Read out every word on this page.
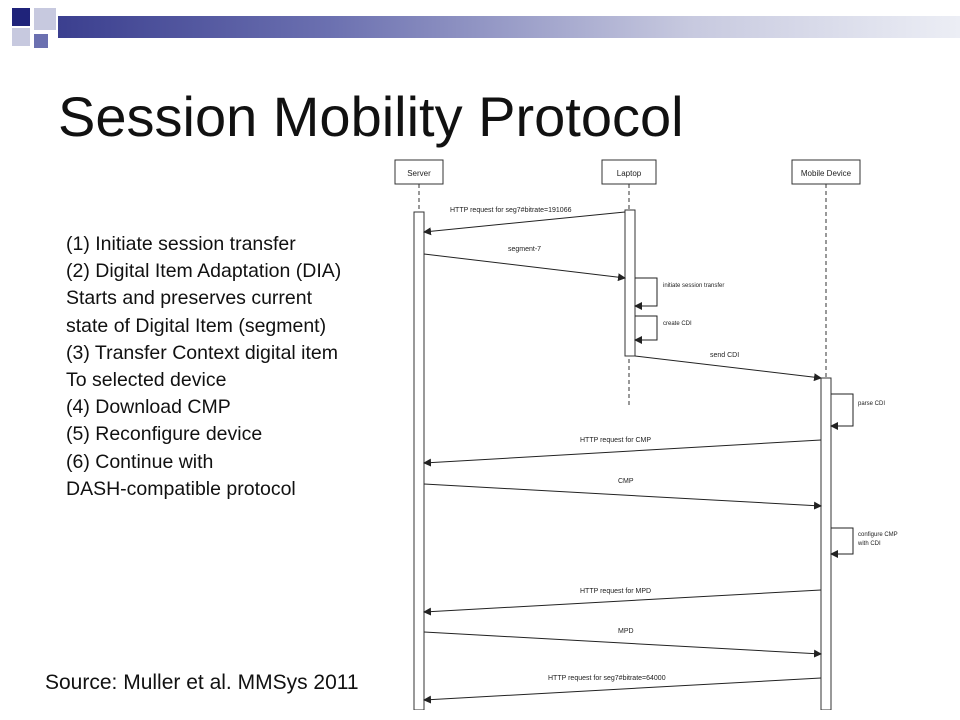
Session Mobility Protocol
(1) Initiate session transfer
(2) Digital Item Adaptation (DIA)
Starts and preserves current
state of Digital Item (segment)
(3) Transfer Context digital item
To selected device
(4) Download CMP
(5) Reconfigure device
(6) Continue with
DASH-compatible protocol
Server	Laptop	Mobile Device
HTTP request for seg7#bitrate=191066
segment-7
initiate session transfer
create CDI
send CDI
parse CDI
HTTP request for CMP
CMP
configure CMP
with CDI
HTTP request for MPD
MPD
HTTP request for seg7#bitrate=64000
Source: Muller et al. MMSys 2011
